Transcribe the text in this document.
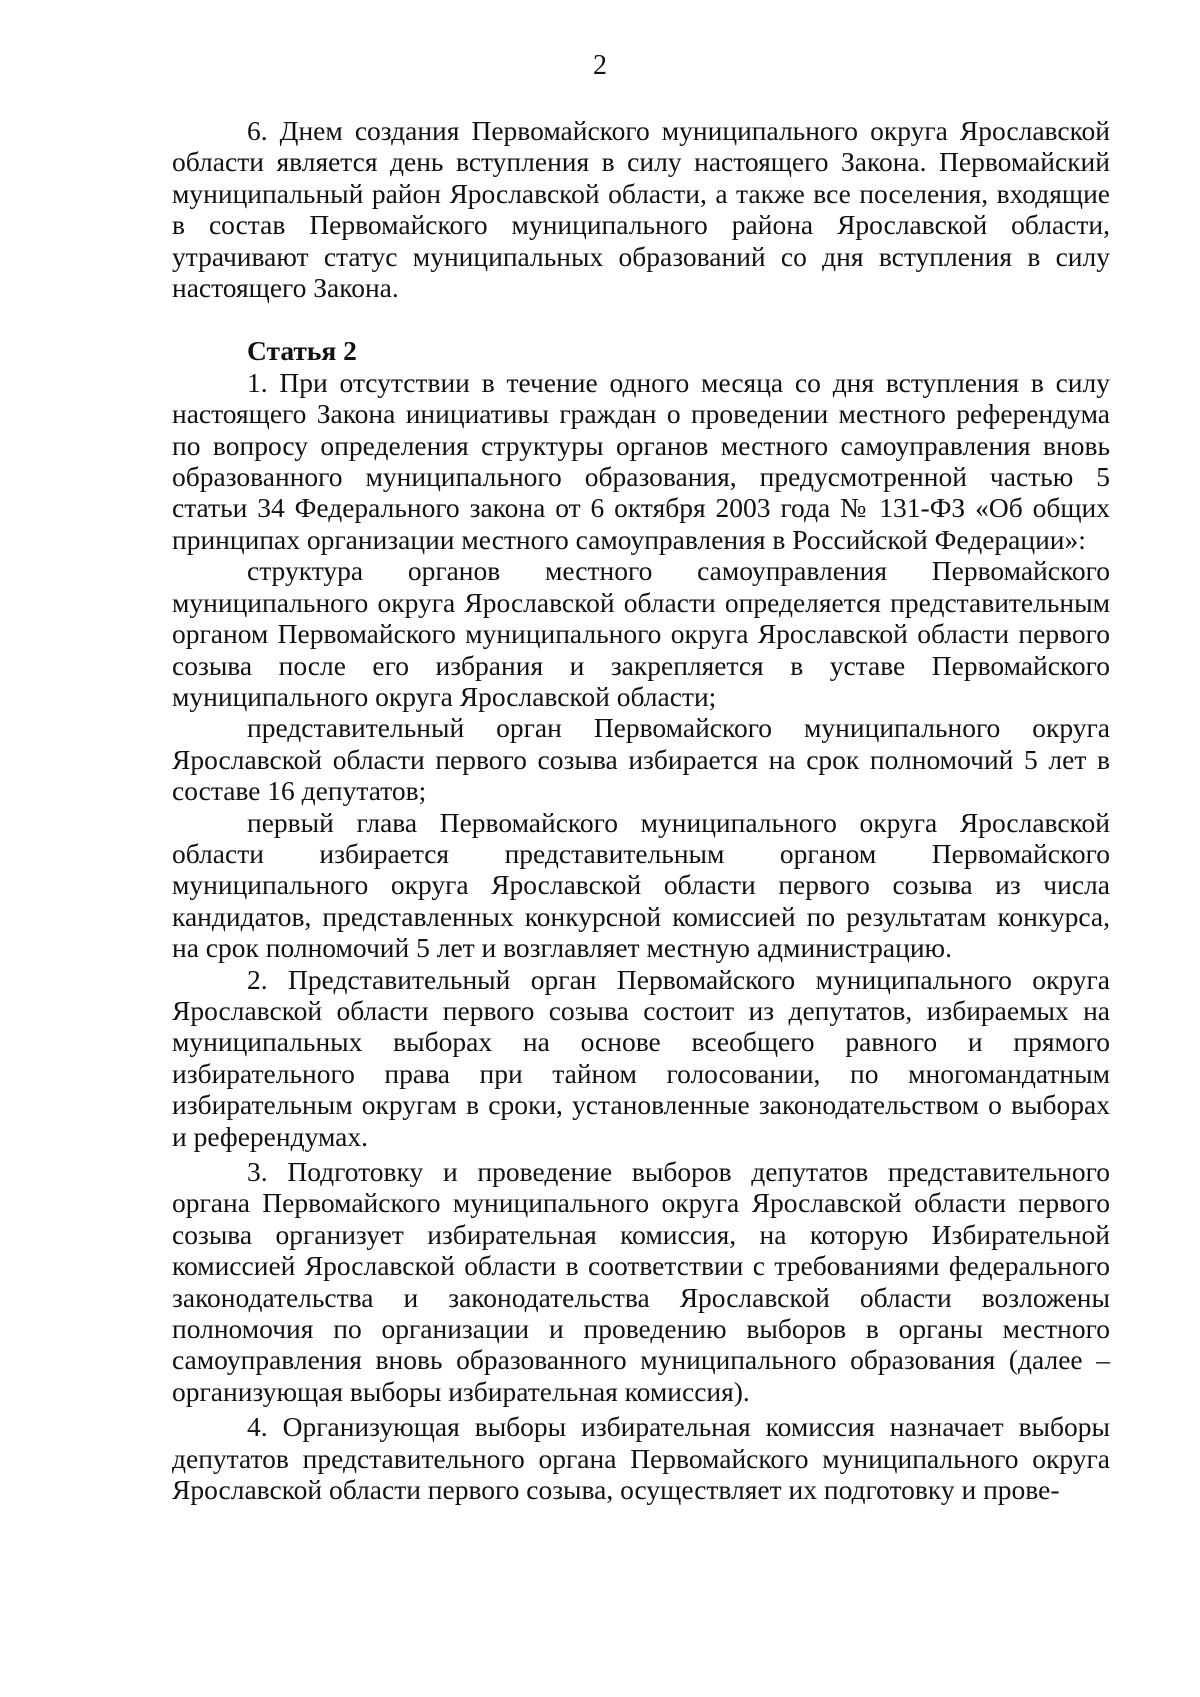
2

6. Днем создания Первомайского муниципального округа Ярославской области является день вступления в силу настоящего Закона. Первомайский муниципальный район Ярославской области, а также все поселения, входящие в состав Первомайского муниципального района Ярославской области, утрачивают статус муниципальных образований со дня вступления в силу настоящего Закона.

Статья 2

1. При отсутствии в течение одного месяца со дня вступления в силу настоящего Закона инициативы граждан о проведении местного референдума по вопросу определения структуры органов местного самоуправления вновь образованного муниципального образования, предусмотренной частью 5 статьи 34 Федерального закона от 6 октября 2003 года № 131-ФЗ «Об общих принципах организации местного самоуправления в Российской Федерации»:

структура органов местного самоуправления Первомайского муниципального округа Ярославской области определяется представительным органом Первомайского муниципального округа Ярославской области первого созыва после его избрания и закрепляется в уставе Первомайского муниципального округа Ярославской области;

представительный орган Первомайского муниципального округа Ярославской области первого созыва избирается на срок полномочий 5 лет в составе 16 депутатов;

первый глава Первомайского муниципального округа Ярославской области избирается представительным органом Первомайского муниципального округа Ярославской области первого созыва из числа кандидатов, представленных конкурсной комиссией по результатам конкурса, на срок полномочий 5 лет и возглавляет местную администрацию.

2. Представительный орган Первомайского муниципального округа Ярославской области первого созыва состоит из депутатов, избираемых на муниципальных выборах на основе всеобщего равного и прямого избирательного права при тайном голосовании, по многомандатным избирательным округам в сроки, установленные законодательством о выборах и референдумах.

3. Подготовку и проведение выборов депутатов представительного органа Первомайского муниципального округа Ярославской области первого созыва организует избирательная комиссия, на которую Избирательной комиссией Ярославской области в соответствии с требованиями федерального законодательства и законодательства Ярославской области возложены полномочия по организации и проведению выборов в органы местного самоуправления вновь образованного муниципального образования (далее – организующая выборы избирательная комиссия).

4. Организующая выборы избирательная комиссия назначает выборы депутатов представительного органа Первомайского муниципального округа Ярославской области первого созыва, осуществляет их подготовку и прове-
